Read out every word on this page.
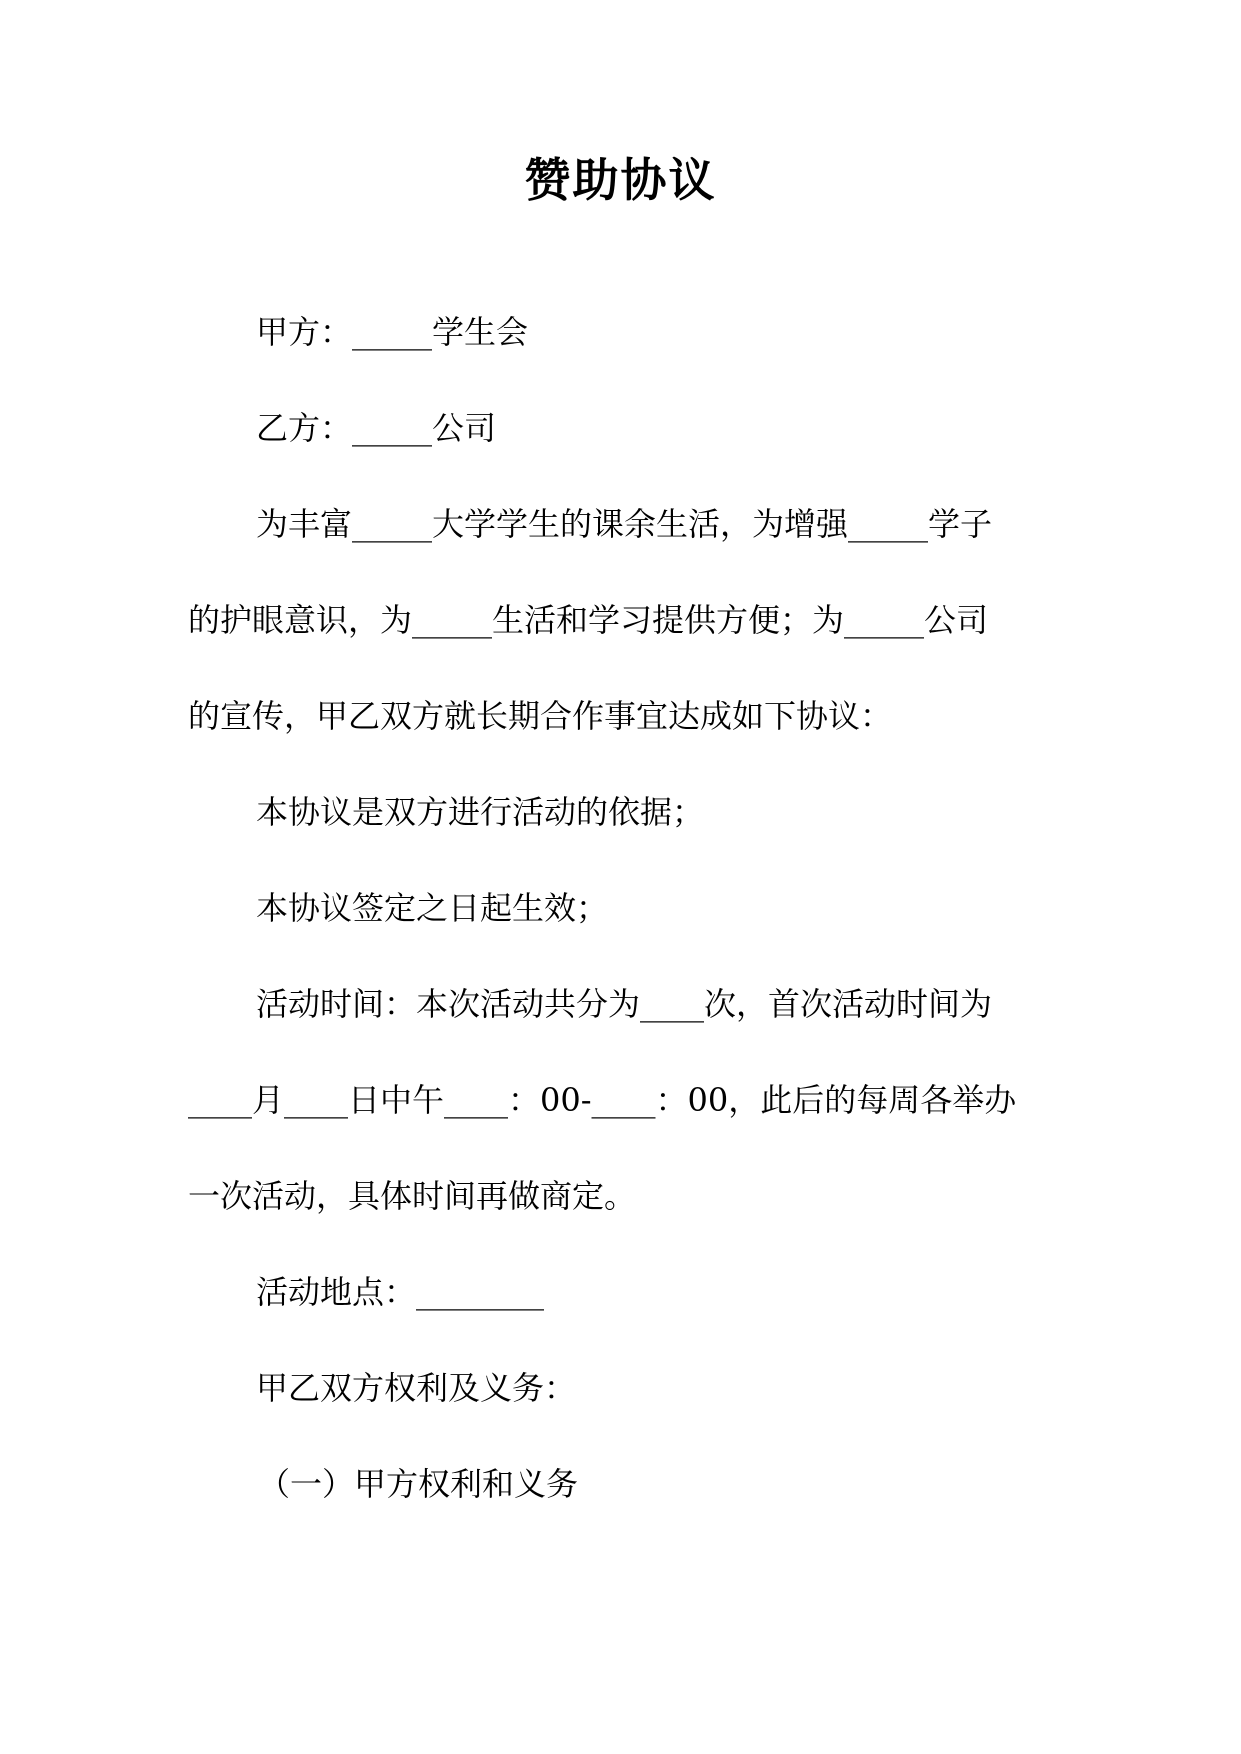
赞助协议
甲方：_____学生会
乙方：_____公司
为丰富_____大学学生的课余生活，为增强_____学子
的护眼意识，为_____生活和学习提供方便；为_____公司
的宣传，甲乙双方就长期合作事宜达成如下协议：
本协议是双方进行活动的依据；
本协议签定之日起生效；
活动时间：本次活动共分为____次，首次活动时间为
____月____日中午____：00-____：00，此后的每周各举办
一次活动，具体时间再做商定。
活动地点：________
甲乙双方权利及义务：
（一）甲方权利和义务
